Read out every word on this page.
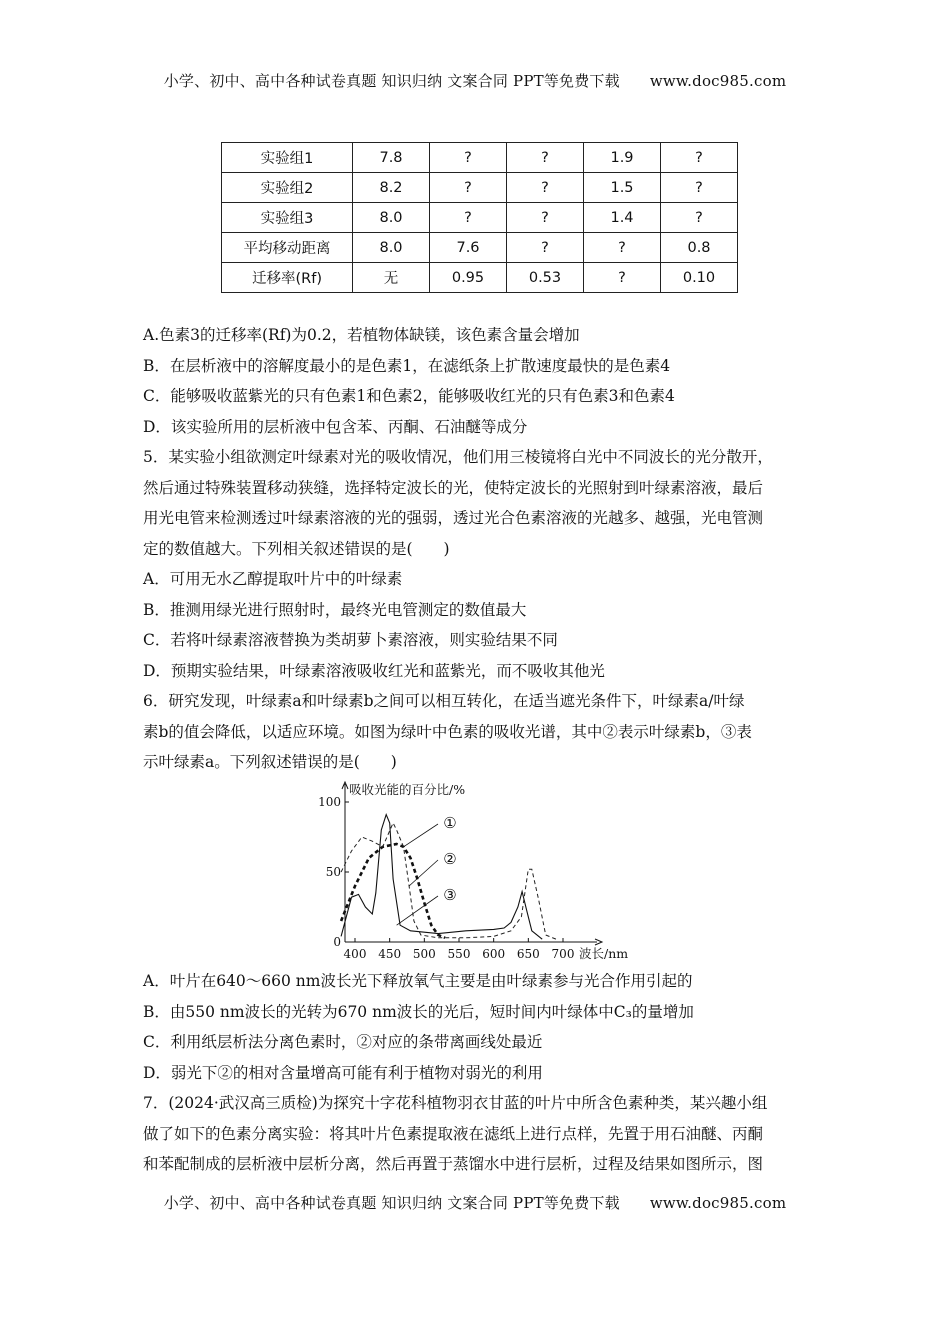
小学、初中、高中各种试卷真题 知识归纳 文案合同 PPT等免费下载 www.doc985.com
实验组1	7.8	?	?	1.9	?
实验组2	8.2	?	?	1.5	?
实验组3	8.0	?	?	1.4	?
平均移动距离	8.0	7.6	?	?	0.8
迁移率(Rf)	无	0.95	0.53	?	0.10
A.色素3的迁移率(Rf)为0.2，若植物体缺镁，该色素含量会增加
B．在层析液中的溶解度最小的是色素1，在滤纸条上扩散速度最快的是色素4
C．能够吸收蓝紫光的只有色素1和色素2，能够吸收红光的只有色素3和色素4
D．该实验所用的层析液中包含苯、丙酮、石油醚等成分
5．某实验小组欲测定叶绿素对光的吸收情况，他们用三棱镜将白光中不同波长的光分散开，
然后通过特殊装置移动狭缝，选择特定波长的光，使特定波长的光照射到叶绿素溶液，最后
用光电管来检测透过叶绿素溶液的光的强弱，透过光合色素溶液的光越多、越强，光电管测
定的数值越大。下列相关叙述错误的是(　　)
A．可用无水乙醇提取叶片中的叶绿素
B．推测用绿光进行照射时，最终光电管测定的数值最大
C．若将叶绿素溶液替换为类胡萝卜素溶液，则实验结果不同
D．预期实验结果，叶绿素溶液吸收红光和蓝紫光，而不吸收其他光
6．研究发现，叶绿素a和叶绿素b之间可以相互转化，在适当遮光条件下，叶绿素a/叶绿
素b的值会降低，以适应环境。如图为绿叶中色素的吸收光谱，其中②表示叶绿素b，③表
示叶绿素a。下列叙述错误的是(　　)
100
50
0
400 450 500 550 600 650 700
吸收光能的百分比/%
波长/nm
①
②
③
A．叶片在640～660 nm波长光下释放氧气主要是由叶绿素参与光合作用引起的
B．由550 nm波长的光转为670 nm波长的光后，短时间内叶绿体中C₃的量增加
C．利用纸层析法分离色素时，②对应的条带离画线处最近
D．弱光下②的相对含量增高可能有利于植物对弱光的利用
7．(2024·武汉高三质检)为探究十字花科植物羽衣甘蓝的叶片中所含色素种类，某兴趣小组
做了如下的色素分离实验：将其叶片色素提取液在滤纸上进行点样，先置于用石油醚、丙酮
和苯配制成的层析液中层析分离，然后再置于蒸馏水中进行层析，过程及结果如图所示，图
小学、初中、高中各种试卷真题 知识归纳 文案合同 PPT等免费下载 www.doc985.com
